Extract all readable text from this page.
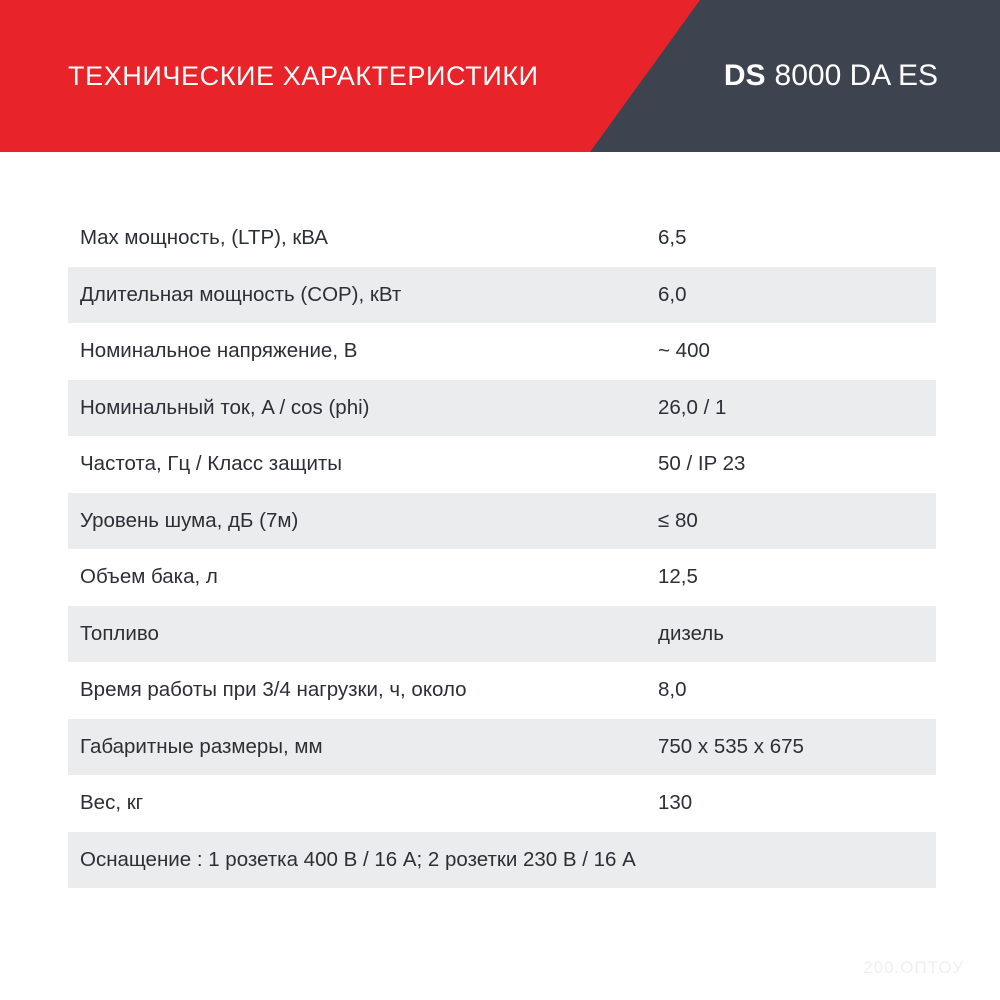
ТЕХНИЧЕСКИЕ ХАРАКТЕРИСТИКИ	DS 8000 DA ES
Max мощность, (LTP), кВА	6,5
Длительная мощность (COP), кВт	6,0
Номинальное напряжение, В	~ 400
Номинальный ток, A / cos (phi)	26,0 / 1
Частота, Гц / Класс защиты	50 / IP 23
Уровень шума, дБ (7м)	≤ 80
Объем бака, л	12,5
Топливо	дизель
Время работы при 3/4 нагрузки, ч, около	8,0
Габаритные размеры, мм	750 x 535 x 675
Вес, кг	130
Оснащение : 1 розетка 400 В / 16 A; 2 розетки 230 В / 16 A
200.ОПТОУ
